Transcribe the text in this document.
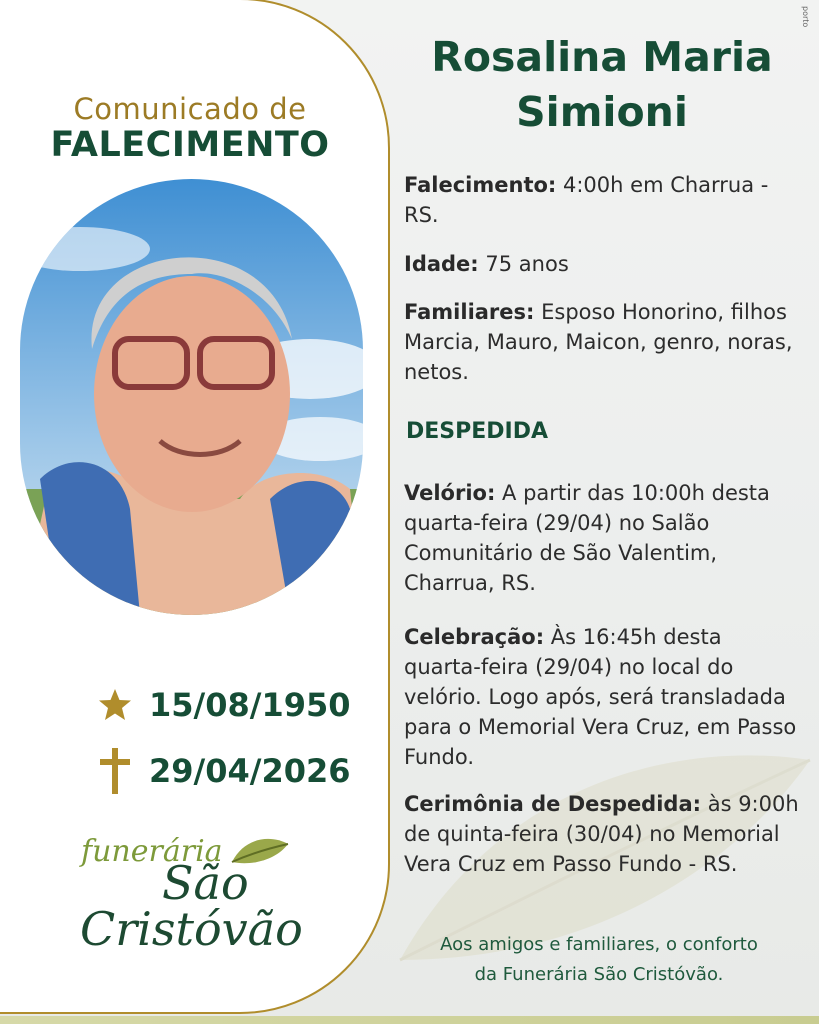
porto
Comunicado de
FALECIMENTO
15/08/1950
29/04/2026
funerária
São
Cristóvão
Rosalina Maria
Simioni
Falecimento: 4:00h em Charrua - RS.
Idade: 75 anos
Familiares: Esposo Honorino, filhos Marcia, Mauro, Maicon, genro, noras, netos.
DESPEDIDA
Velório: A partir das 10:00h desta quarta-feira (29/04) no Salão Comunitário de São Valentim, Charrua, RS.
Celebração: Às 16:45h desta quarta-feira (29/04) no local do velório. Logo após, será transladada para o Memorial Vera Cruz, em Passo Fundo.
Cerimônia de Despedida: às 9:00h de quinta-feira (30/04) no Memorial Vera Cruz em Passo Fundo - RS.
Aos amigos e familiares, o conforto
da Funerária São Cristóvão.
